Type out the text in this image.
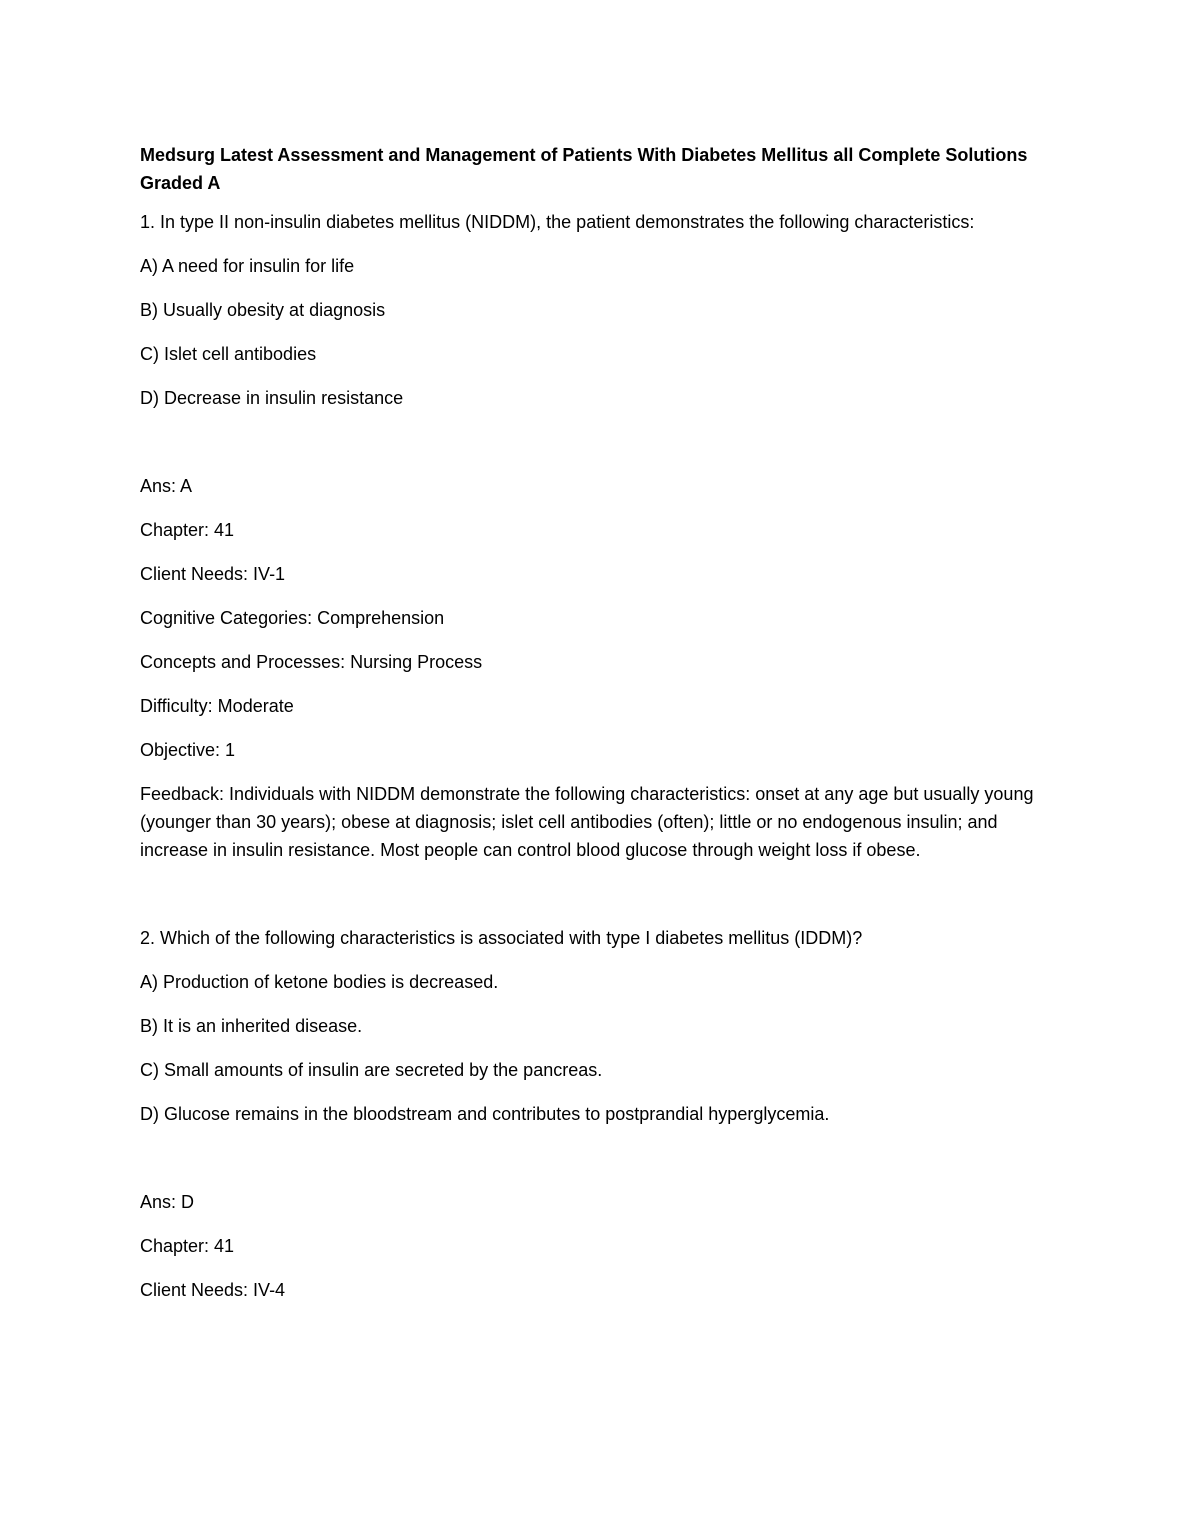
Medsurg Latest Assessment and Management of Patients With Diabetes Mellitus all Complete Solutions Graded A
1. In type II non-insulin diabetes mellitus (NIDDM), the patient demonstrates the following characteristics:
A) A need for insulin for life
B) Usually obesity at diagnosis
C) Islet cell antibodies
D) Decrease in insulin resistance
Ans: A
Chapter: 41
Client Needs: IV-1
Cognitive Categories: Comprehension
Concepts and Processes: Nursing Process
Difficulty: Moderate
Objective: 1
Feedback: Individuals with NIDDM demonstrate the following characteristics: onset at any age but usually young (younger than 30 years); obese at diagnosis; islet cell antibodies (often); little or no endogenous insulin; and increase in insulin resistance. Most people can control blood glucose through weight loss if obese.
2. Which of the following characteristics is associated with type I diabetes mellitus (IDDM)?
A) Production of ketone bodies is decreased.
B) It is an inherited disease.
C) Small amounts of insulin are secreted by the pancreas.
D) Glucose remains in the bloodstream and contributes to postprandial hyperglycemia.
Ans: D
Chapter: 41
Client Needs: IV-4
